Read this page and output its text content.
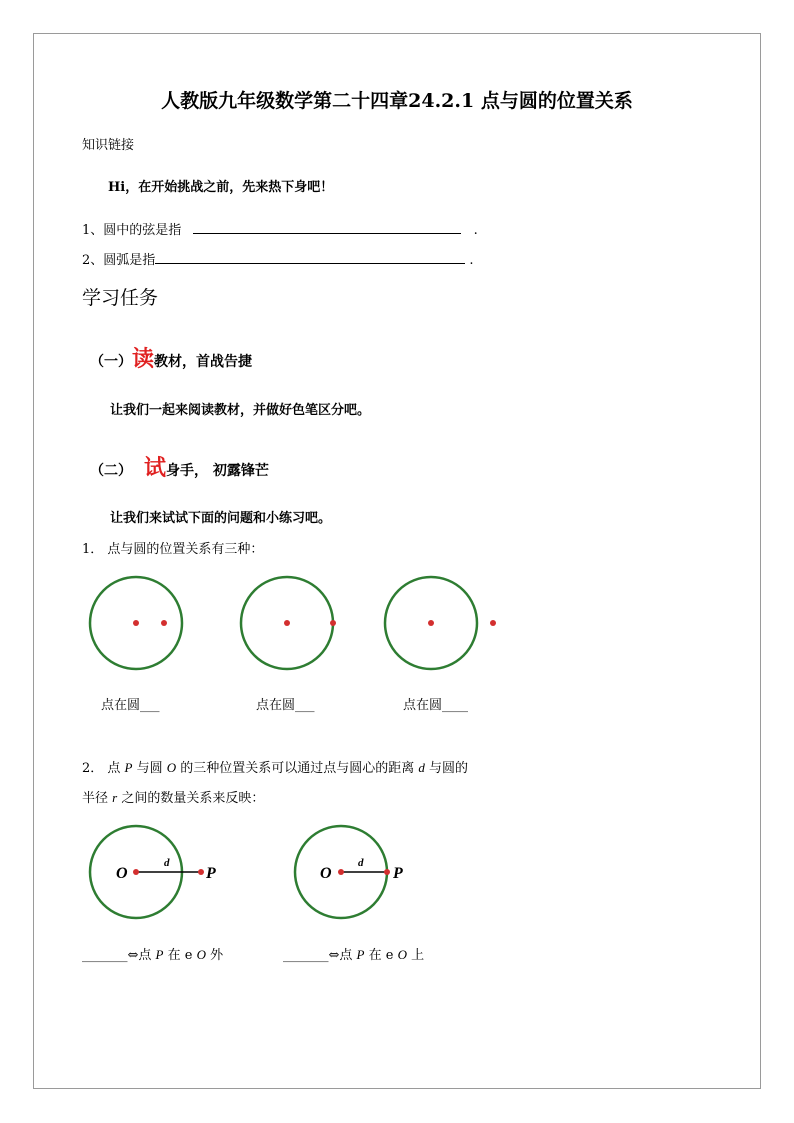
人教版九年级数学第二十四章24.2.1 点与圆的位置关系
知识链接
Hi，在开始挑战之前，先来热下身吧！
1、圆中的弦是指	.
2、圆弧是指	.
学习任务
（一）读教材，首战告捷
让我们一起来阅读教材，并做好色笔区分吧。
（二） 试身手， 初露锋芒
让我们来试试下面的问题和小练习吧。
1． 点与圆的位置关系有三种：
O	P
d
O	P
d
点在圆___	点在圆___	点在圆____
2． 点 P 与圆 O 的三种位置关系可以通过点与圆心的距离 d 与圆的
半径 r 之间的数量关系来反映：
_______⇔点 P 在 e O 外	_______⇔点 P 在 e O 上
